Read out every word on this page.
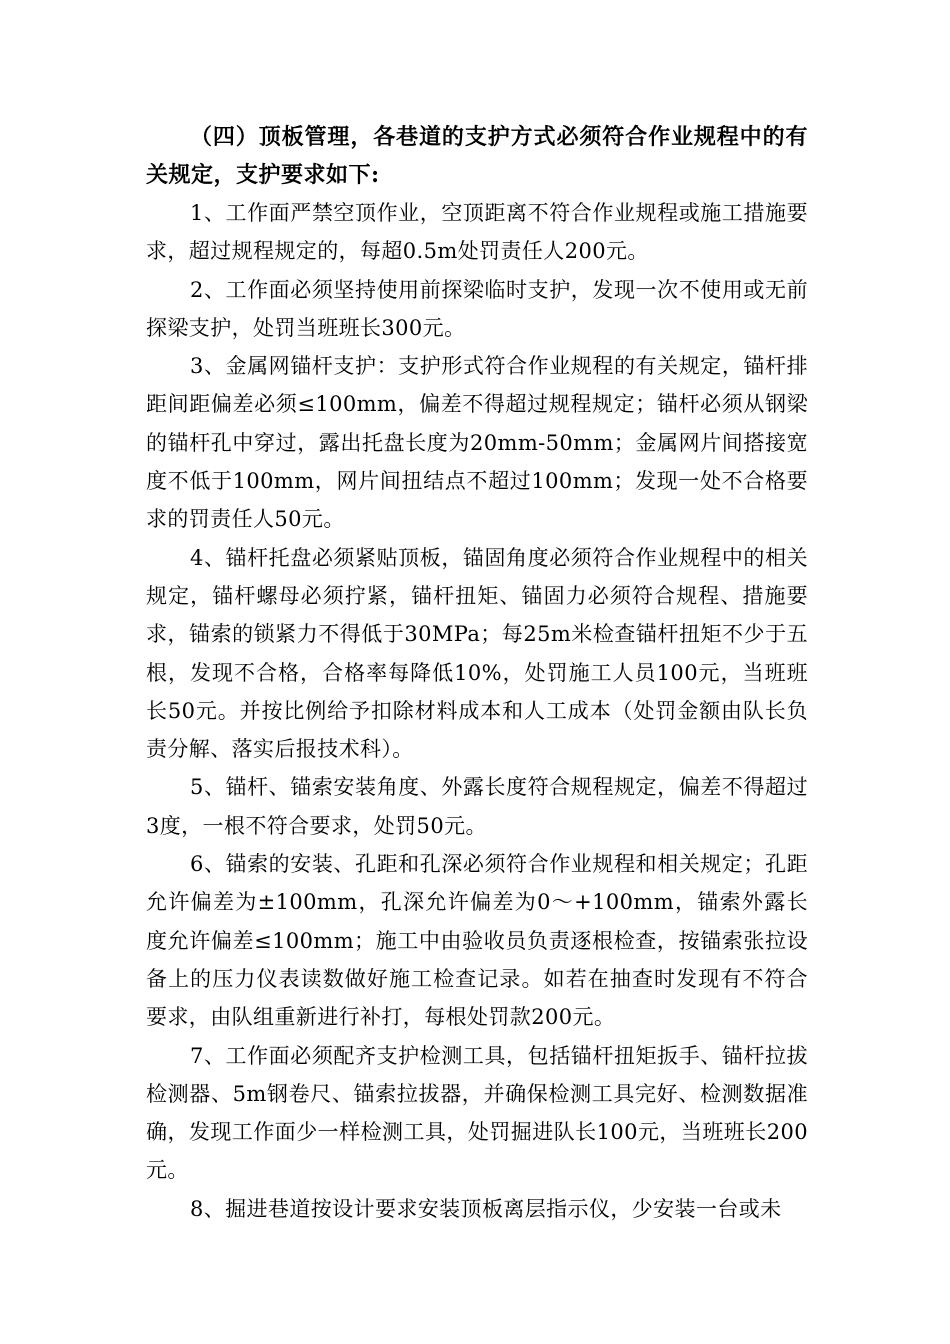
（四）顶板管理，各巷道的支护方式必须符合作业规程中的有关规定，支护要求如下:

1、工作面严禁空顶作业，空顶距离不符合作业规程或施工措施要求，超过规程规定的，每超0.5m处罚责任人200元。

2、工作面必须坚持使用前探梁临时支护，发现一次不使用或无前探梁支护，处罚当班班长300元。

3、金属网锚杆支护：支护形式符合作业规程的有关规定，锚杆排距间距偏差必须≤100mm，偏差不得超过规程规定；锚杆必须从钢梁的锚杆孔中穿过，露出托盘长度为20mm-50mm；金属网片间搭接宽度不低于100mm，网片间扭结点不超过100mm；发现一处不合格要求的罚责任人50元。

4、锚杆托盘必须紧贴顶板，锚固角度必须符合作业规程中的相关规定，锚杆螺母必须拧紧，锚杆扭矩、锚固力必须符合规程、措施要求，锚索的锁紧力不得低于30MPa；每25m米检查锚杆扭矩不少于五根，发现不合格，合格率每降低10%，处罚施工人员100元，当班班长50元。并按比例给予扣除材料成本和人工成本（处罚金额由队长负责分解、落实后报技术科）。

5、锚杆、锚索安装角度、外露长度符合规程规定，偏差不得超过3度，一根不符合要求，处罚50元。

6、锚索的安装、孔距和孔深必须符合作业规程和相关规定；孔距允许偏差为±100mm，孔深允许偏差为0～+100mm，锚索外露长度允许偏差≤100mm；施工中由验收员负责逐根检查，按锚索张拉设备上的压力仪表读数做好施工检查记录。如若在抽查时发现有不符合要求，由队组重新进行补打，每根处罚款200元。

7、工作面必须配齐支护检测工具，包括锚杆扭矩扳手、锚杆拉拔检测器、5m钢卷尺、锚索拉拔器，并确保检测工具完好、检测数据准确，发现工作面少一样检测工具，处罚掘进队长100元，当班班长200元。

8、掘进巷道按设计要求安装顶板离层指示仪，少安装一台或未
